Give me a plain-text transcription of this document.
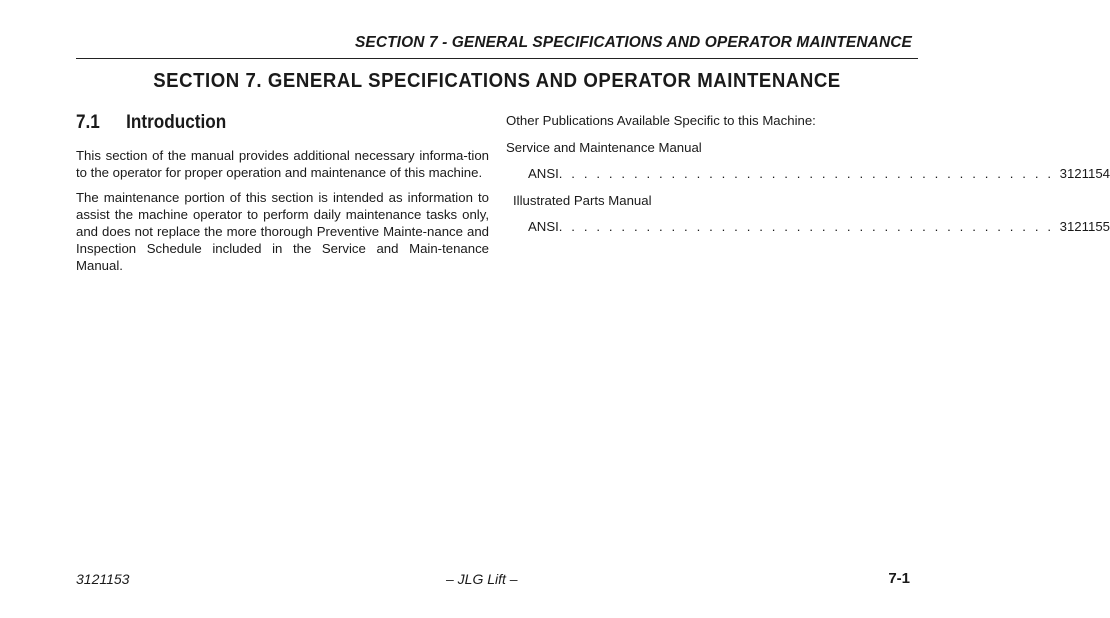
SECTION 7 - GENERAL SPECIFICATIONS AND OPERATOR MAINTENANCE
SECTION 7. GENERAL SPECIFICATIONS AND OPERATOR MAINTENANCE
7.1 Introduction

This section of the manual provides additional necessary informa-tion to the operator for proper operation and maintenance of this machine.

The maintenance portion of this section is intended as information to assist the machine operator to perform daily maintenance tasks only, and does not replace the more thorough Preventive Mainte-nance and Inspection Schedule included in the Service and Main-tenance Manual.

Other Publications Available Specific to this Machine:
Service and Maintenance Manual
ANSI . . . . . . . . . . . . . . . . . . . . . . . . . . . . . . . . . . . . . . . . 3121154
Illustrated Parts Manual
ANSI . . . . . . . . . . . . . . . . . . . . . . . . . . . . . . . . . . . . . . . . 3121155
3121153	– JLG Lift –	7-1
